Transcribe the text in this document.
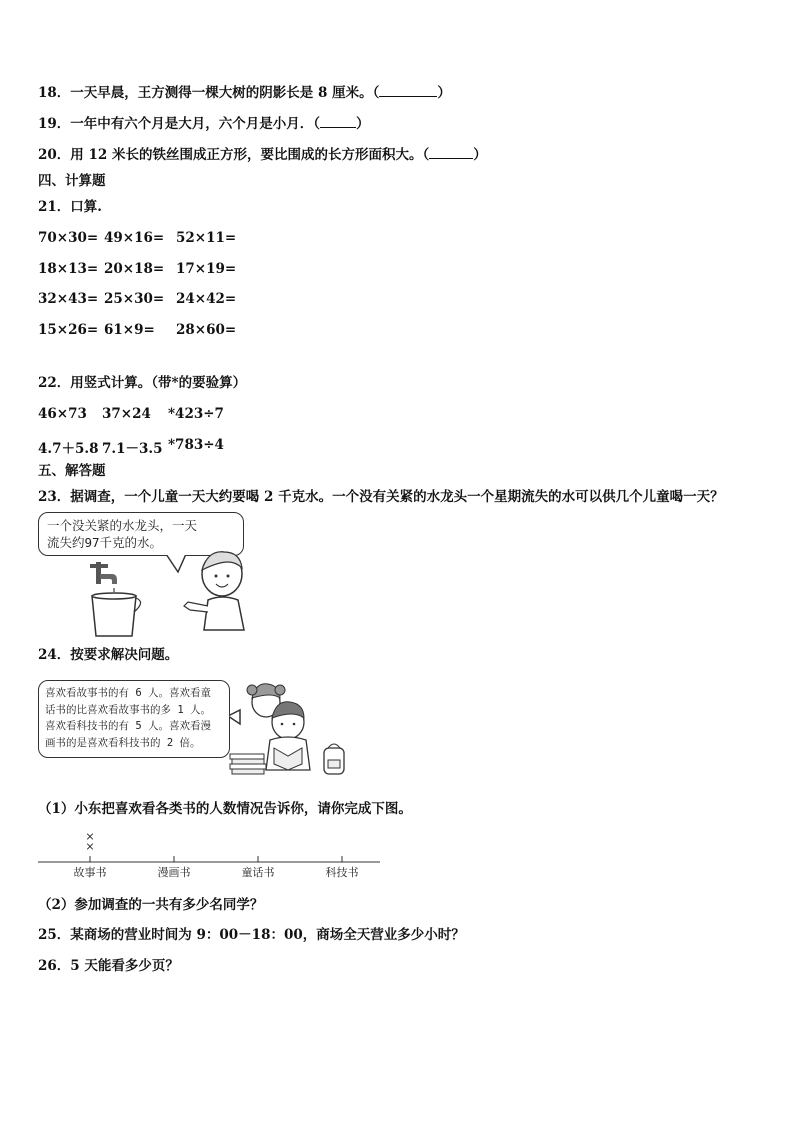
18．一天早晨，王方测得一棵大树的阴影长是 8 厘米。（	）
19．一年中有六个月是大月，六个月是小月．（	）
20．用 12 米长的铁丝围成正方形，要比围成的长方形面积大。（	）
四、计算题
21．口算.
70×30= 49×16= 52×11=
18×13= 20×18= 17×19=
32×43= 25×30= 24×42=
15×26= 61×9= 28×60=
22．用竖式计算。（带*的要验算）
46×73 37×24 *423÷7
4.7＋5.8 7.1－3.5 *783÷4
五、解答题
23．据调查，一个儿童一天大约要喝 2 千克水。一个没有关紧的水龙头一个星期流失的水可以供几个儿童喝一天？
一个没关紧的水龙头，一天
流失约97千克的水。
24．按要求解决问题。
喜欢看故事书的有 6 人。喜欢看童
话书的比喜欢看故事书的多 1 人。
喜欢看科技书的有 5 人。喜欢看漫
画书的是喜欢看科技书的 2 倍。
（1）小东把喜欢看各类书的人数情况告诉你，请你完成下图。
故事书	漫画书	童话书	科技书
×
×
（2）参加调查的一共有多少名同学？
25．某商场的营业时间为 9：00－18：00，商场全天营业多少小时？
26．5 天能看多少页？
